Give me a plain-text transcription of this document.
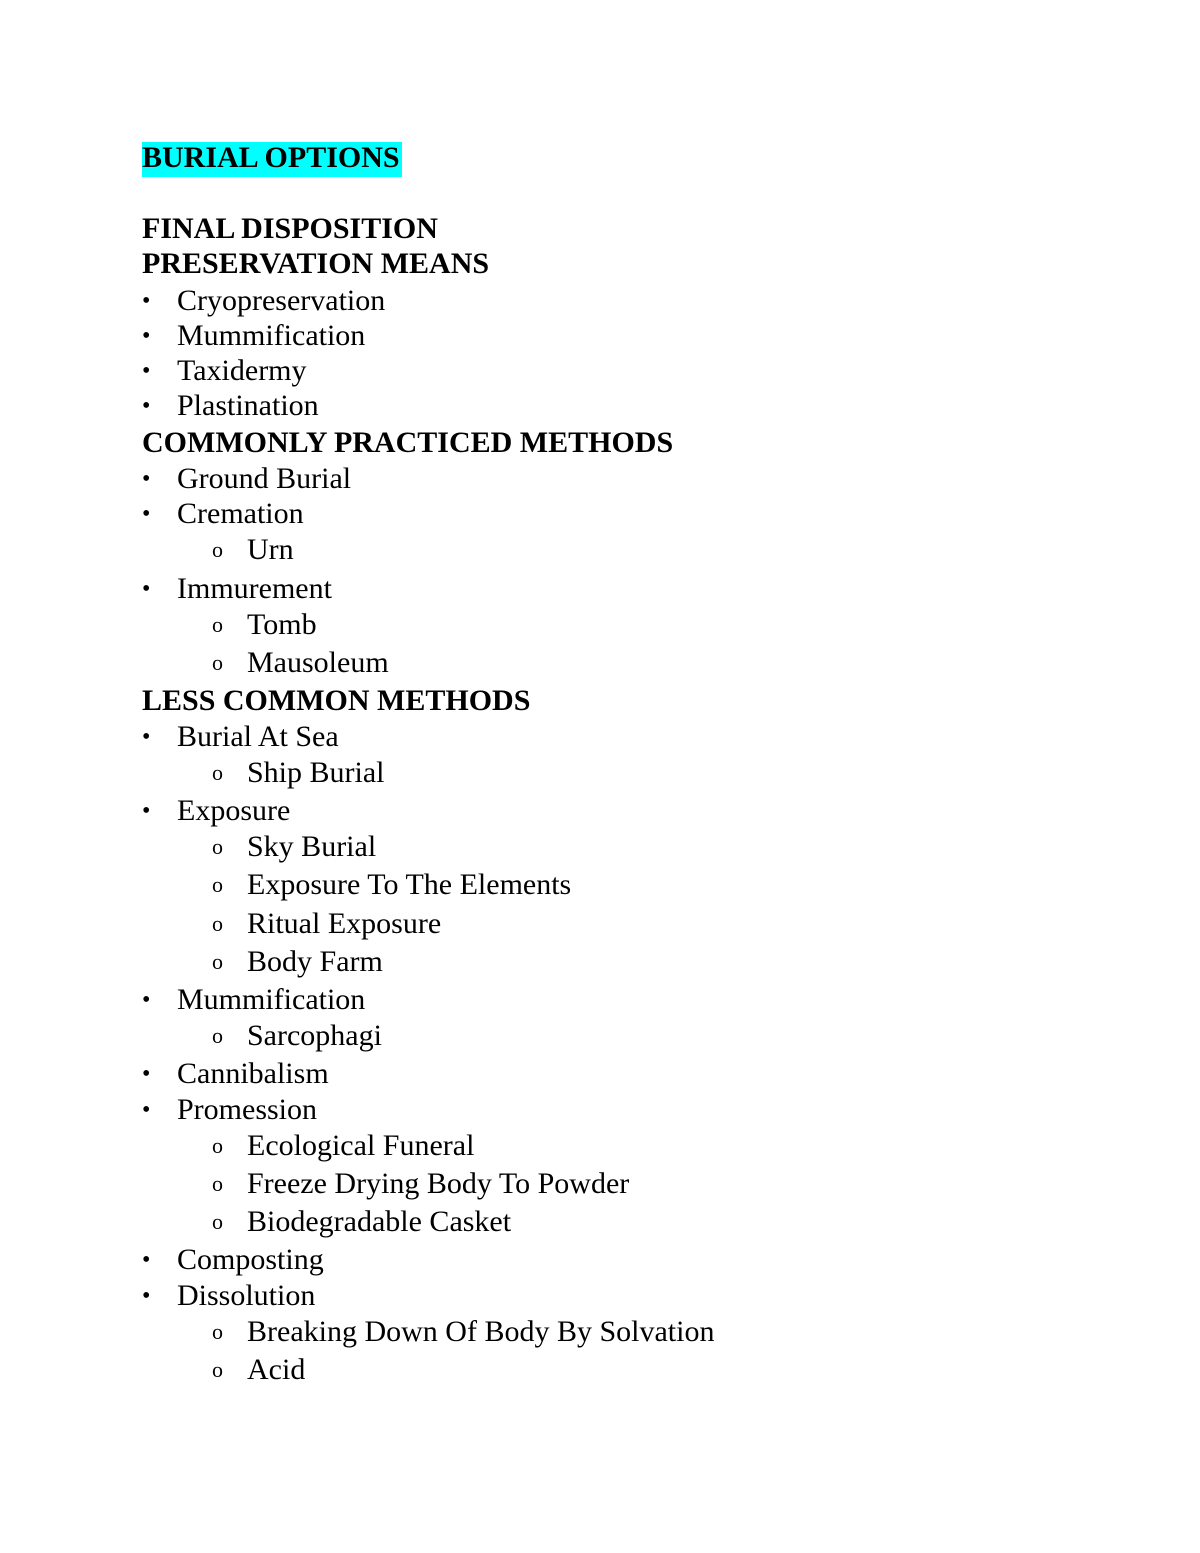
BURIAL OPTIONS
FINAL DISPOSITION
PRESERVATION MEANS
• Cryopreservation
• Mummification
• Taxidermy
• Plastination
COMMONLY PRACTICED METHODS
• Ground Burial
• Cremation
o Urn
• Immurement
o Tomb
o Mausoleum
LESS COMMON METHODS
• Burial At Sea
o Ship Burial
• Exposure
o Sky Burial
o Exposure To The Elements
o Ritual Exposure
o Body Farm
• Mummification
o Sarcophagi
• Cannibalism
• Promession
o Ecological Funeral
o Freeze Drying Body To Powder
o Biodegradable Casket
• Composting
• Dissolution
o Breaking Down Of Body By Solvation
o Acid
